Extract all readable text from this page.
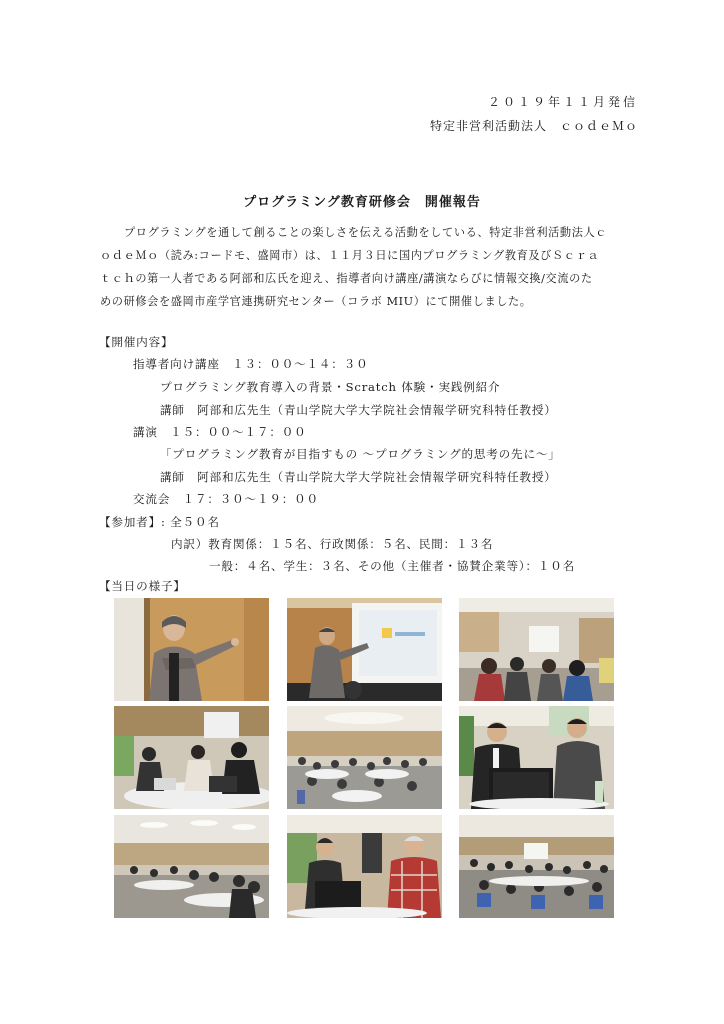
２０１９年１１月発信
特定非営利活動法人　ｃｏｄｅＭｏ
プログラミング教育研修会　開催報告
プログラミングを通して創ることの楽しさを伝える活動をしている、特定非営利活動法人ｃ
ｏｄｅＭｏ（読み:コードモ、盛岡市）は、１１月３日に国内プログラミング教育及びＳｃｒａ
ｔｃｈの第一人者である阿部和広氏を迎え、指導者向け講座/講演ならびに情報交換/交流のた
めの研修会を盛岡市産学官連携研究センター（コラボ MIU）にて開催しました。
【開催内容】
指導者向け講座　１３：００～１４：３０
プログラミング教育導入の背景・Scratch 体験・実践例紹介
講師　阿部和広先生（青山学院大学大学院社会情報学研究科特任教授）
講演　１５：００～１７：００
「プログラミング教育が目指すもの ～プログラミング的思考の先に～」
講師　阿部和広先生（青山学院大学大学院社会情報学研究科特任教授）
交流会　１７：３０～１９：００
【参加者】: 全５０名
内訳）教育関係：１５名、行政関係：５名、民間：１３名
一般：４名、学生：３名、その他（主催者・協賛企業等）：１０名
【当日の様子】
